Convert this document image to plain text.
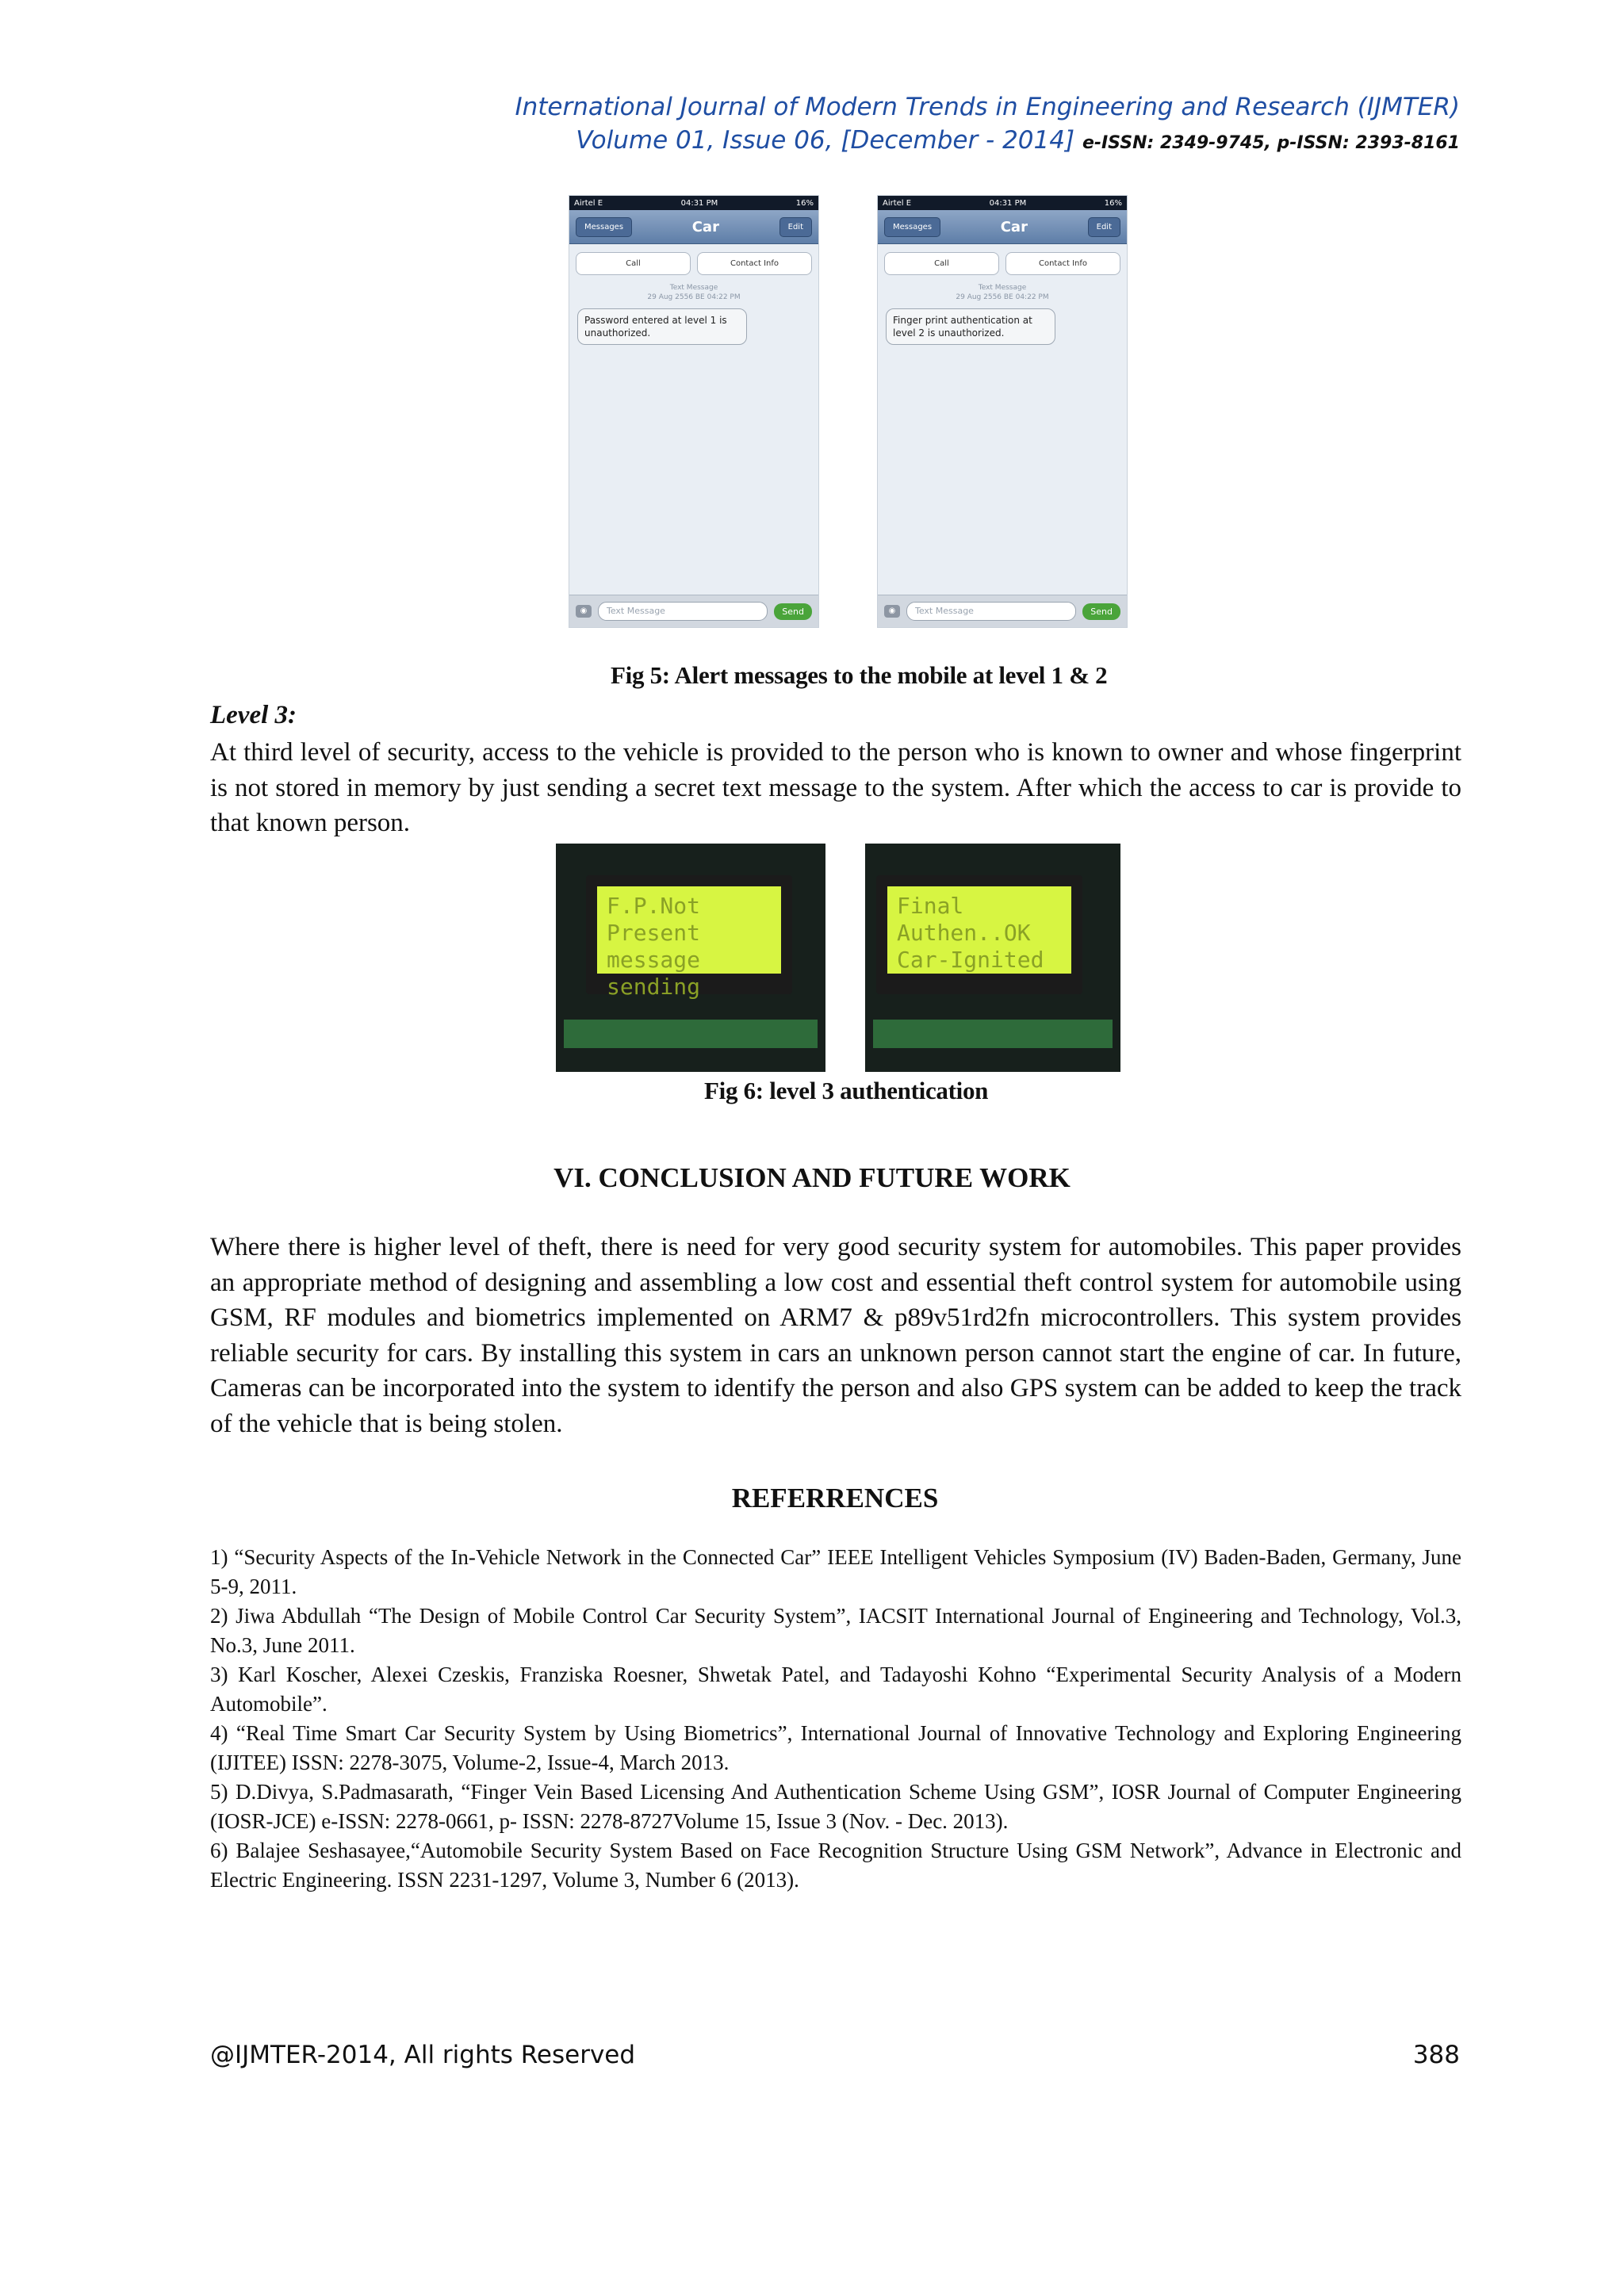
International Journal of Modern Trends in Engineering and Research (IJMTER)
Volume 01, Issue 06, [December - 2014] e-ISSN: 2349-9745, p-ISSN: 2393-8161
Airtel E	04:31 PM	16%
Messages	Car	Edit
Call	Contact Info
Text Message
29 Aug 2556 BE 04:22 PM
Password entered at level 1 is unauthorized.
◉	Text Message	Send
Airtel E	04:31 PM	16%
Messages	Car	Edit
Call	Contact Info
Text Message
29 Aug 2556 BE 04:22 PM
Finger print authentication at level 2 is unauthorized.
◉	Text Message	Send
Fig 5: Alert messages to the mobile at level 1 & 2
Level 3:

At third level of security, access to the vehicle is provided to the person who is known to owner and whose fingerprint is not stored in memory by just sending a secret text message to the system. After which the access to car is provide to that known person.

F.P.Not Present
message sending
Final Authen..OK
Car-Ignited
Fig 6: level 3 authentication
VI. CONCLUSION AND FUTURE WORK

Where there is higher level of theft, there is need for very good security system for automobiles. This paper provides an appropriate method of designing and assembling a low cost and essential theft control system for automobile using GSM, RF modules and biometrics implemented on ARM7 & p89v51rd2fn microcontrollers. This system provides reliable security for cars. By installing this system in cars an unknown person cannot start the engine of car. In future, Cameras can be incorporated into the system to identify the person and also GPS system can be added to keep the track of the vehicle that is being stolen.

REFERRENCES

1) “Security Aspects of the In-Vehicle Network in the Connected Car” IEEE Intelligent Vehicles Symposium (IV) Baden-Baden, Germany, June 5-9, 2011.

2) Jiwa Abdullah “The Design of Mobile Control Car Security System”, IACSIT International Journal of Engineering and Technology, Vol.3, No.3, June 2011.

3) Karl Koscher, Alexei Czeskis, Franziska Roesner, Shwetak Patel, and Tadayoshi Kohno “Experimental Security Analysis of a Modern Automobile”.

4) “Real Time Smart Car Security System by Using Biometrics”, International Journal of Innovative Technology and Exploring Engineering (IJITEE) ISSN: 2278-3075, Volume-2, Issue-4, March 2013.

5) D.Divya, S.Padmasarath, “Finger Vein Based Licensing And Authentication Scheme Using GSM”, IOSR Journal of Computer Engineering (IOSR-JCE) e-ISSN: 2278-0661, p- ISSN: 2278-8727Volume 15, Issue 3 (Nov. - Dec. 2013).

6) Balajee Seshasayee,“Automobile Security System Based on Face Recognition Structure Using GSM Network”, Advance in Electronic and Electric Engineering. ISSN 2231-1297, Volume 3, Number 6 (2013).

@IJMTER-2014, All rights Reserved	388
